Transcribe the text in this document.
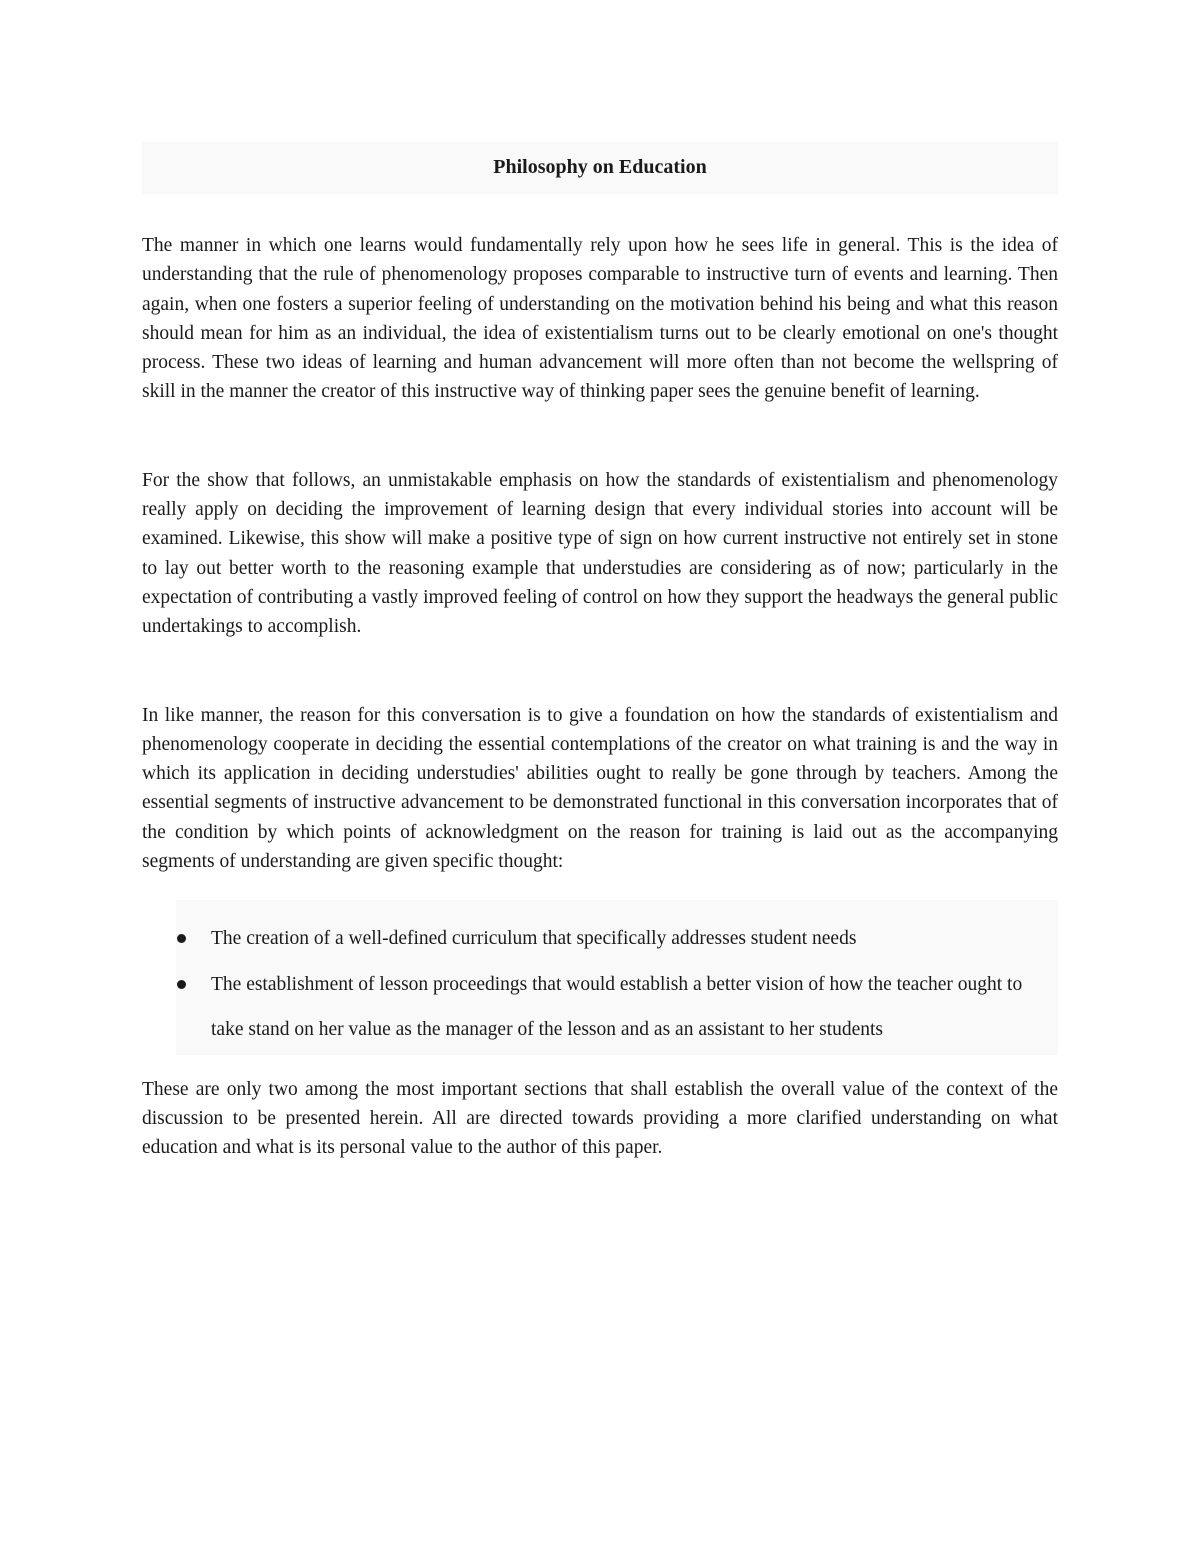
Philosophy on Education

The manner in which one learns would fundamentally rely upon how he sees life in general. This is the idea of understanding that the rule of phenomenology proposes comparable to instructive turn of events and learning. Then again, when one fosters a superior feeling of understanding on the motivation behind his being and what this reason should mean for him as an individual, the idea of existentialism turns out to be clearly emotional on one's thought process. These two ideas of learning and human advancement will more often than not become the wellspring of skill in the manner the creator of this instructive way of thinking paper sees the genuine benefit of learning.

For the show that follows, an unmistakable emphasis on how the standards of existentialism and phenomenology really apply on deciding the improvement of learning design that every individual stories into account will be examined. Likewise, this show will make a positive type of sign on how current instructive not entirely set in stone to lay out better worth to the reasoning example that understudies are considering as of now; particularly in the expectation of contributing a vastly improved feeling of control on how they support the headways the general public undertakings to accomplish.

In like manner, the reason for this conversation is to give a foundation on how the standards of existentialism and phenomenology cooperate in deciding the essential contemplations of the creator on what training is and the way in which its application in deciding understudies' abilities ought to really be gone through by teachers. Among the essential segments of instructive advancement to be demonstrated functional in this conversation incorporates that of the condition by which points of acknowledgment on the reason for training is laid out as the accompanying segments of understanding are given specific thought:

The creation of a well-defined curriculum that specifically addresses student needs
The establishment of lesson proceedings that would establish a better vision of how the teacher ought to take stand on her value as the manager of the lesson and as an assistant to her students

These are only two among the most important sections that shall establish the overall value of the context of the discussion to be presented herein. All are directed towards providing a more clarified understanding on what education and what is its personal value to the author of this paper.
